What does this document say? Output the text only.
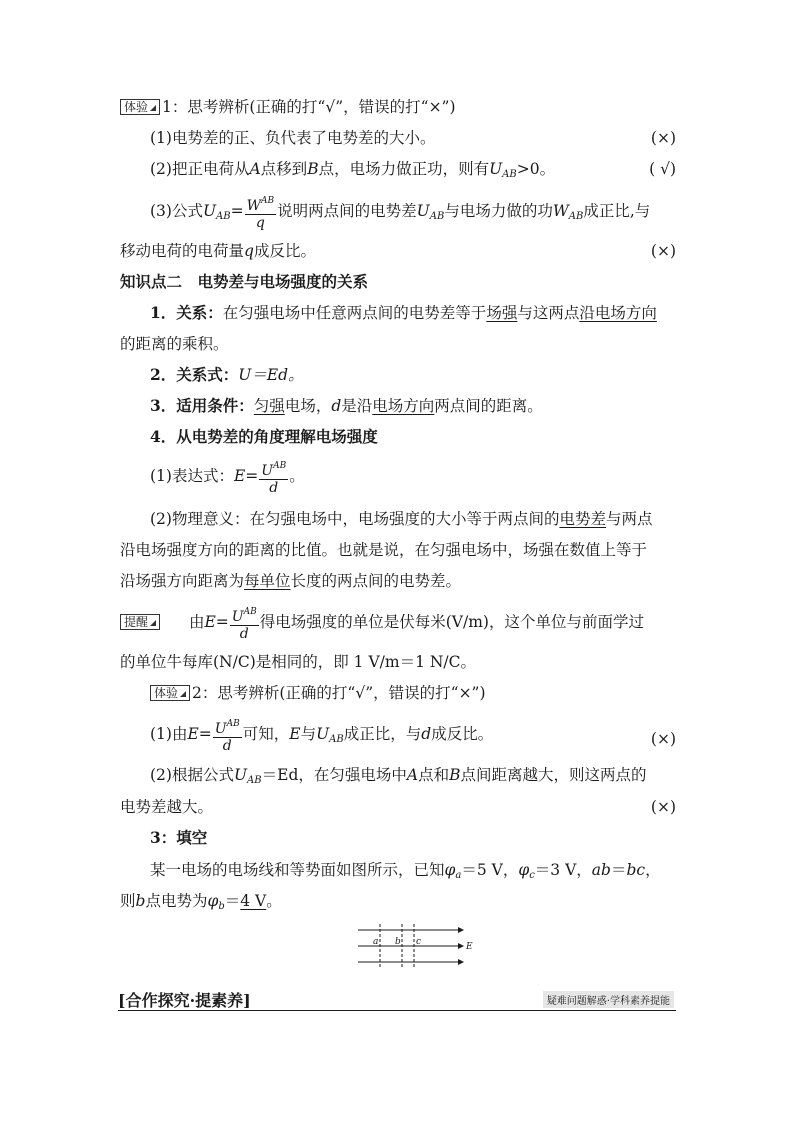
体验 1：思考辨析(正确的打“√”，错误的打“×”)
(1)电势差的正、负代表了电势差的大小。	(×)
(2)把正电荷从A点移到B点，电场力做正功，则有$U_{AB}>0$。	( √)
(3)公式$U_{AB}= \frac{W^{AB}}{q}$ 说明两点间的电势差$U_{AB}$与电场力做的功$W_{AB}$成正比,与
移动电荷的电荷量q成反比。	(×)
知识点二　电势差与电场强度的关系
1．关系：在匀强电场中任意两点间的电势差等于场强与这两点沿电场方向
的距离的乘积。
2．关系式：U＝Ed。
3．适用条件：匀强电场，d是沿电场方向两点间的距离。
4．从电势差的角度理解电场强度
(1)表达式：$E= \frac{U^{AB}}{d}$ 。
(2)物理意义：在匀强电场中，电场强度的大小等于两点间的电势差与两点
沿电场强度方向的距离的比值。也就是说，在匀强电场中，场强在数值上等于
沿场强方向距离为每单位长度的两点间的电势差。
提醒	由$E= \frac{U^{AB}}{d}$ 得电场强度的单位是伏每米(V/m)，这个单位与前面学过
的单位牛每库(N/C)是相同的，即 1 V/m＝1 N/C。
体验 2：思考辨析(正确的打“√”，错误的打“×”)
(1)由$E= \frac{U^{AB}}{d}$ 可知，E与$U_{AB}$成正比，与d成反比。	(×)
(2)根据公式$U_{AB}=Ed$，在匀强电场中A点和B点间距离越大，则这两点的
电势差越大。	(×)
3：填空
某一电场的电场线和等势面如图所示，已知$\varphi_a=5$ V，$\varphi_c=3$ V，ab＝bc，
则b点电势为$\varphi_b=4$ V。
a b c	E
[合作探究·提素养]	疑难问题解惑·学科素养提能
